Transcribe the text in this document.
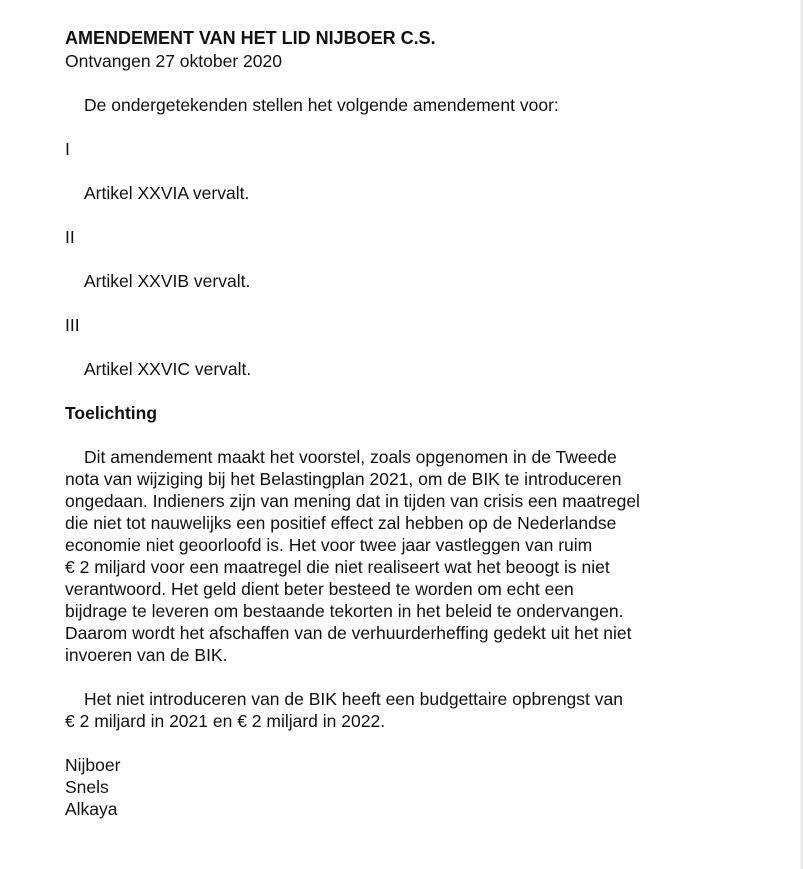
AMENDEMENT VAN HET LID NIJBOER C.S.

Ontvangen 27 oktober 2020

De ondergetekenden stellen het volgende amendement voor:

I

Artikel XXVIA vervalt.

II

Artikel XXVIB vervalt.

III

Artikel XXVIC vervalt.

Toelichting

Dit amendement maakt het voorstel, zoals opgenomen in de Tweede
nota van wijziging bij het Belastingplan 2021, om de BIK te introduceren
ongedaan. Indieners zijn van mening dat in tijden van crisis een maatregel
die niet tot nauwelijks een positief effect zal hebben op de Nederlandse
economie niet geoorloofd is. Het voor twee jaar vastleggen van ruim
€ 2 miljard voor een maatregel die niet realiseert wat het beoogt is niet
verantwoord. Het geld dient beter besteed te worden om echt een
bijdrage te leveren om bestaande tekorten in het beleid te ondervangen.
Daarom wordt het afschaffen van de verhuurderheffing gedekt uit het niet
invoeren van de BIK.
Het niet introduceren van de BIK heeft een budgettaire opbrengst van
€ 2 miljard in 2021 en € 2 miljard in 2022.

Nijboer

Snels

Alkaya
